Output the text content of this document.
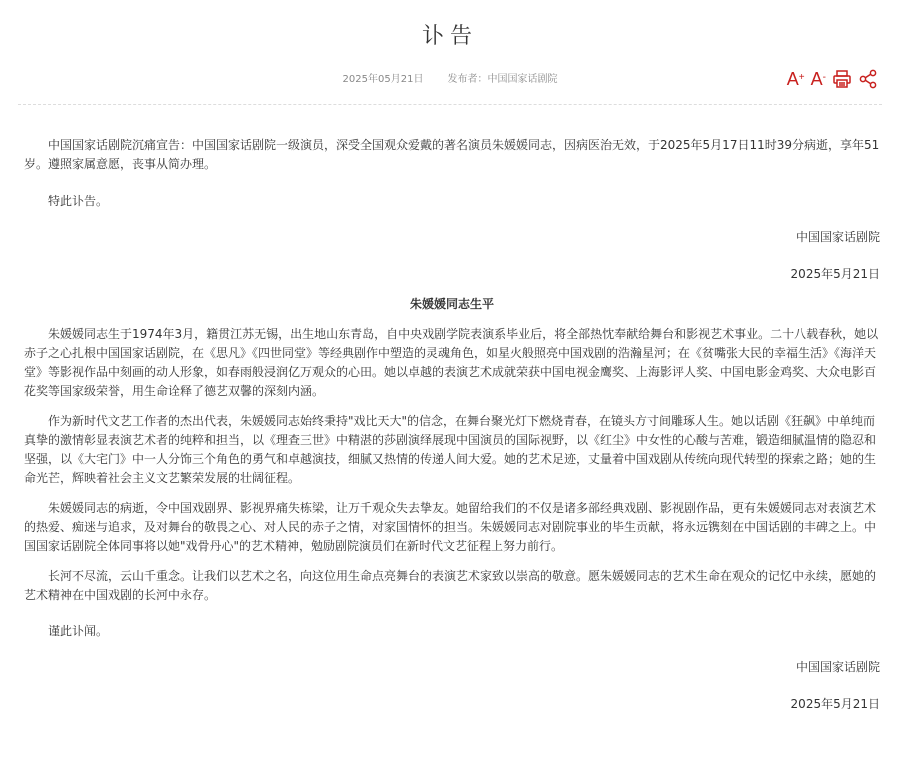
讣告
2025年05月21日 发布者：中国国家话剧院	A+ A-

中国国家话剧院沉痛宣告：中国国家话剧院一级演员，深受全国观众爱戴的著名演员朱媛媛同志，因病医治无效，于2025年5月17日11时39分病逝，享年51岁。遵照家属意愿，丧事从简办理。

特此讣告。

中国国家话剧院

2025年5月21日

朱媛媛同志生平

朱媛媛同志生于1974年3月，籍贯江苏无锡，出生地山东青岛，自中央戏剧学院表演系毕业后，将全部热忱奉献给舞台和影视艺术事业。二十八载春秋，她以赤子之心扎根中国国家话剧院，在《思凡》《四世同堂》等经典剧作中塑造的灵魂角色，如星火般照亮中国戏剧的浩瀚星河；在《贫嘴张大民的幸福生活》《海洋天堂》等影视作品中刻画的动人形象，如春雨般浸润亿万观众的心田。她以卓越的表演艺术成就荣获中国电视金鹰奖、上海影评人奖、中国电影金鸡奖、大众电影百花奖等国家级荣誉，用生命诠释了德艺双馨的深刻内涵。

作为新时代文艺工作者的杰出代表，朱媛媛同志始终秉持"戏比天大"的信念，在舞台聚光灯下燃烧青春，在镜头方寸间雕琢人生。她以话剧《狂飙》中单纯而真挚的激情彰显表演艺术者的纯粹和担当，以《理查三世》中精湛的莎剧演绎展现中国演员的国际视野，以《红尘》中女性的心酸与苦难，锻造细腻温情的隐忍和坚强，以《大宅门》中一人分饰三个角色的勇气和卓越演技，细腻又热情的传递人间大爱。她的艺术足迹，丈量着中国戏剧从传统向现代转型的探索之路；她的生命光芒，辉映着社会主义文艺繁荣发展的壮阔征程。

朱媛媛同志的病逝，令中国戏剧界、影视界痛失栋梁，让万千观众失去挚友。她留给我们的不仅是诸多部经典戏剧、影视剧作品，更有朱媛媛同志对表演艺术的热爱、痴迷与追求，及对舞台的敬畏之心、对人民的赤子之情，对家国情怀的担当。朱媛媛同志对剧院事业的毕生贡献，将永远镌刻在中国话剧的丰碑之上。中国国家话剧院全体同事将以她"戏骨丹心"的艺术精神，勉励剧院演员们在新时代文艺征程上努力前行。

长河不尽流，云山千重念。让我们以艺术之名，向这位用生命点亮舞台的表演艺术家致以崇高的敬意。愿朱媛媛同志的艺术生命在观众的记忆中永续，愿她的艺术精神在中国戏剧的长河中永存。

谨此讣闻。

中国国家话剧院

2025年5月21日
